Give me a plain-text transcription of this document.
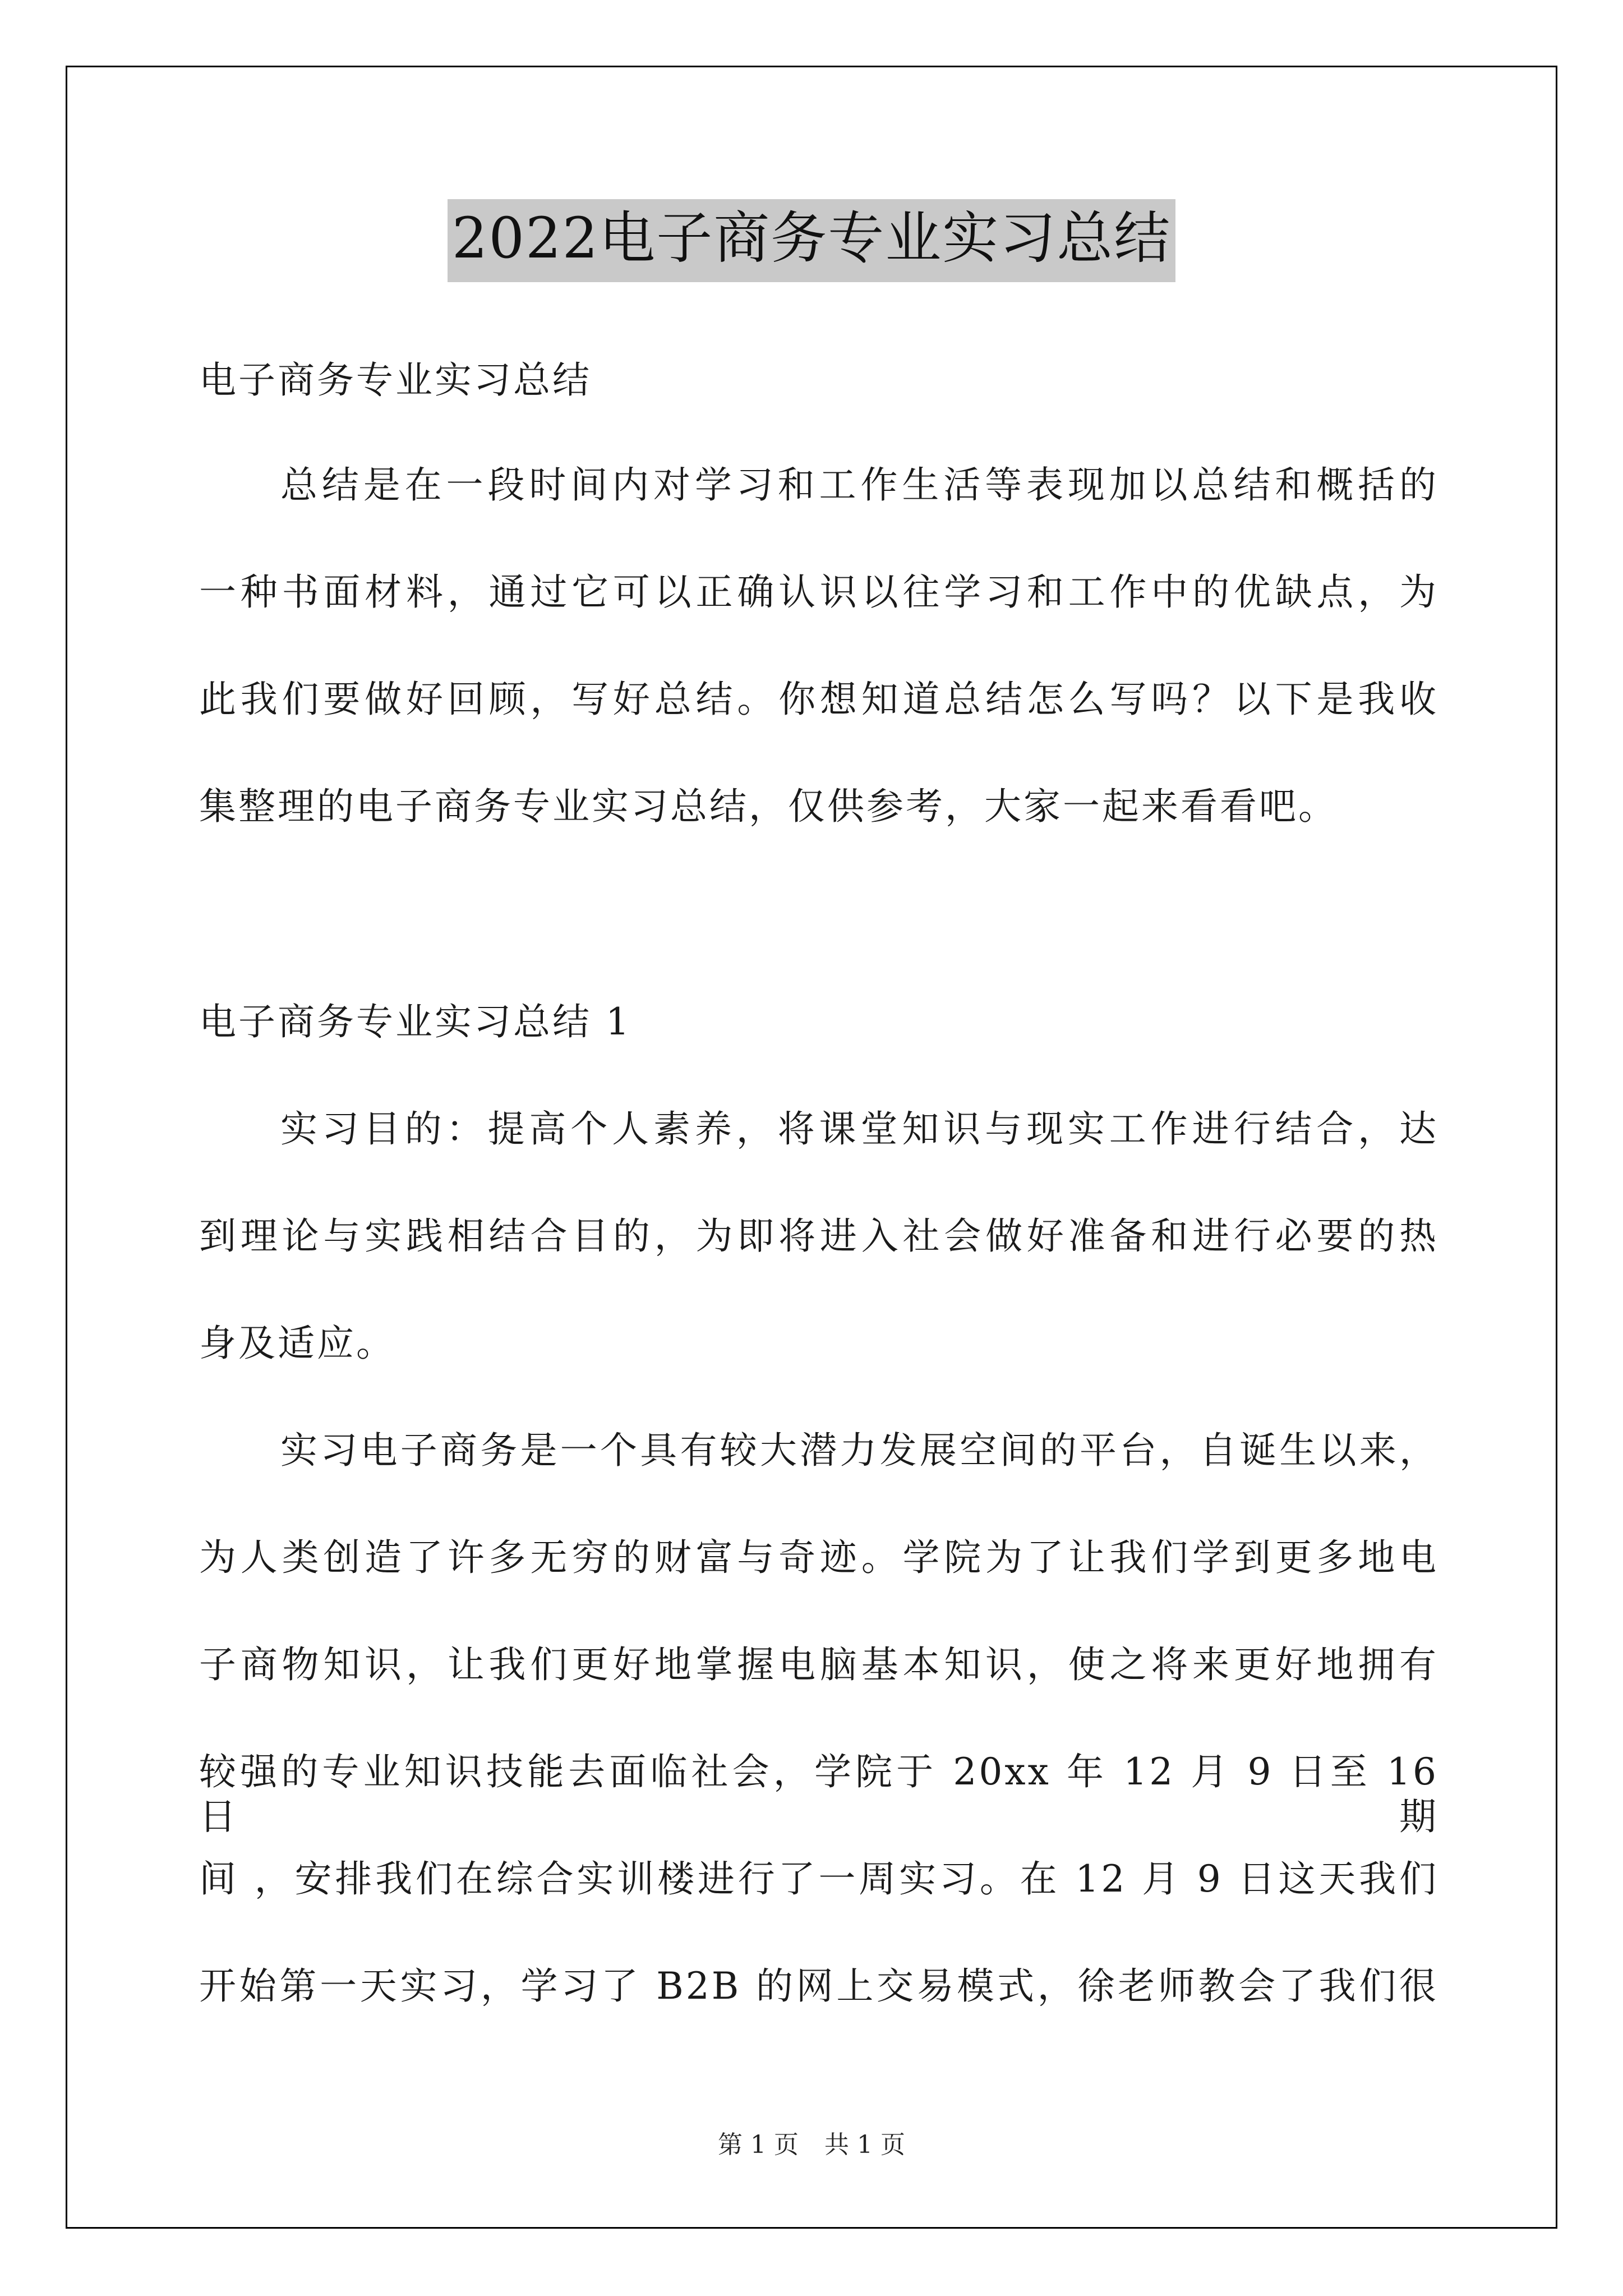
2022电子商务专业实习总结
电子商务专业实习总结
总结是在一段时间内对学习和工作生活等表现加以总结和概括的
一种书面材料，通过它可以正确认识以往学习和工作中的优缺点，为
此我们要做好回顾，写好总结。你想知道总结怎么写吗？以下是我收
集整理的电子商务专业实习总结，仅供参考，大家一起来看看吧。
电子商务专业实习总结 1
实习目的：提高个人素养，将课堂知识与现实工作进行结合，达
到理论与实践相结合目的，为即将进入社会做好准备和进行必要的热
身及适应。
实习电子商务是一个具有较大潜力发展空间的平台，自诞生以来，
为人类创造了许多无穷的财富与奇迹。学院为了让我们学到更多地电
子商物知识，让我们更好地掌握电脑基本知识，使之将来更好地拥有
较强的专业知识技能去面临社会，学院于 20xx 年 12 月 9 日至 16 日期
间 ，安排我们在综合实训楼进行了一周实习。在 12 月 9 日这天我们
开始第一天实习，学习了 B2B 的网上交易模式，徐老师教会了我们很
第 1 页 共 1 页
